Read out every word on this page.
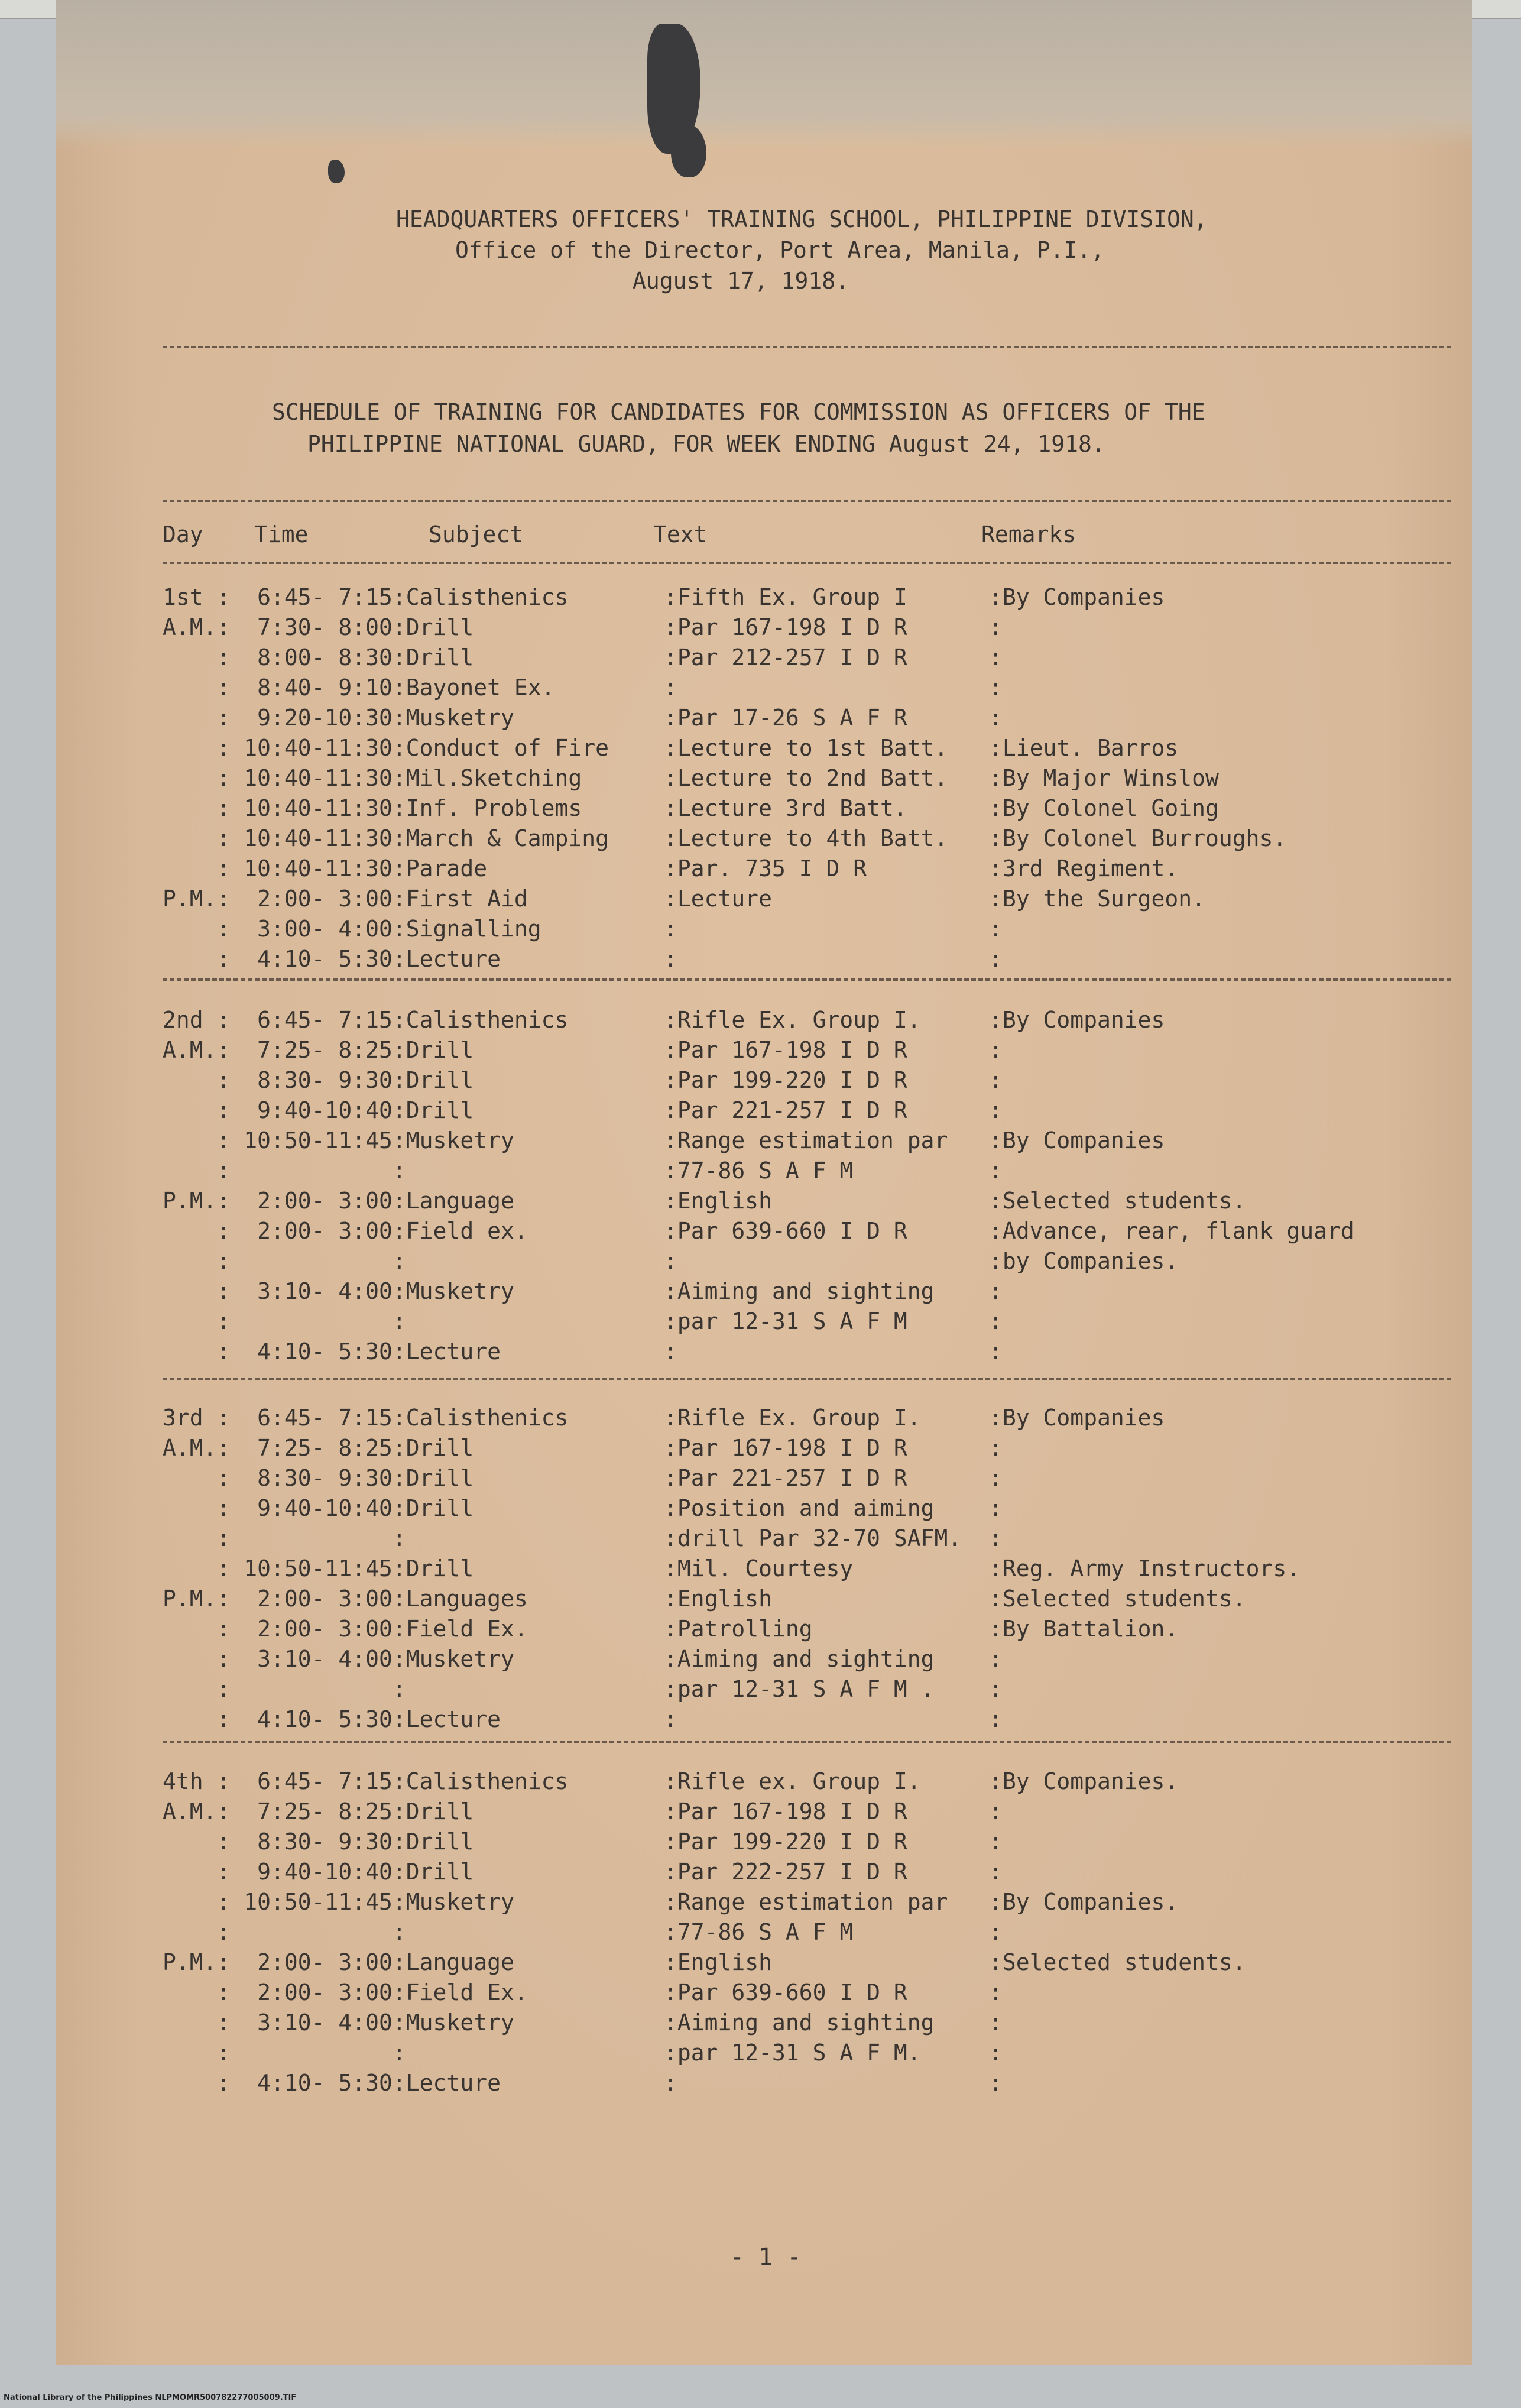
HEADQUARTERS OFFICERS' TRAINING SCHOOL, PHILIPPINE DIVISION,
Office of the Director, Port Area, Manila, P.I.,
August 17, 1918.
SCHEDULE OF TRAINING FOR CANDIDATES FOR COMMISSION AS OFFICERS OF THE
PHILIPPINE NATIONAL GUARD, FOR WEEK ENDING August 24, 1918.
Day Time	Subject	Text	Remarks
1st :  6:45- 7:15:Calisthenics :Fifth Ex. Group I	:By Companies
A.M.:  7:30- 8:00:Drill :Par 167-198 I D R	:
:  8:00- 8:30:Drill :Par 212-257 I D R	:
:  8:40- 9:10:Bayonet Ex. :	:
:  9:20-10:30:Musketry :Par 17-26 S A F R	:
: 10:40-11:30:Conduct of Fire :Lecture to 1st Batt. :Lieut. Barros
: 10:40-11:30:Mil.Sketching :Lecture to 2nd Batt. :By Major Winslow
: 10:40-11:30:Inf. Problems :Lecture 3rd Batt.	:By Colonel Going
: 10:40-11:30:March & Camping :Lecture to 4th Batt. :By Colonel Burroughs.
: 10:40-11:30:Parade :Par. 735 I D R	:3rd Regiment.
P.M.:  2:00- 3:00:First Aid :Lecture	:By the Surgeon.
:  3:00- 4:00:Signalling :	:
:  4:10- 5:30:Lecture :	:
2nd :  6:45- 7:15:Calisthenics :Rifle Ex. Group I.	:By Companies
A.M.:  7:25- 8:25:Drill :Par 167-198 I D R	:
:  8:30- 9:30:Drill :Par 199-220 I D R	:
:  9:40-10:40:Drill :Par 221-257 I D R	:
: 10:50-11:45:Musketry :Range estimation par :By Companies
:            : :77-86 S A F M	:
P.M.:  2:00- 3:00:Language :English	:Selected students.
:  2:00- 3:00:Field ex. :Par 639-660 I D R	:Advance, rear, flank guard
:            : :	:by Companies.
:  3:10- 4:00:Musketry :Aiming and sighting :
:            : :par 12-31 S A F M	:
:  4:10- 5:30:Lecture :	:
3rd :  6:45- 7:15:Calisthenics :Rifle Ex. Group I.	:By Companies
A.M.:  7:25- 8:25:Drill :Par 167-198 I D R	:
:  8:30- 9:30:Drill :Par 221-257 I D R	:
:  9:40-10:40:Drill :Position and aiming :
:            : :drill Par 32-70 SAFM. :
: 10:50-11:45:Drill :Mil. Courtesy	:Reg. Army Instructors.
P.M.:  2:00- 3:00:Languages :English	:Selected students.
:  2:00- 3:00:Field Ex. :Patrolling	:By Battalion.
:  3:10- 4:00:Musketry :Aiming and sighting :
:            : :par 12-31 S A F M . :
:  4:10- 5:30:Lecture :	:
4th :  6:45- 7:15:Calisthenics :Rifle ex. Group I.	:By Companies.
A.M.:  7:25- 8:25:Drill :Par 167-198 I D R	:
:  8:30- 9:30:Drill :Par 199-220 I D R	:
:  9:40-10:40:Drill :Par 222-257 I D R	:
: 10:50-11:45:Musketry :Range estimation par :By Companies.
:            : :77-86 S A F M	:
P.M.:  2:00- 3:00:Language :English	:Selected students.
:  2:00- 3:00:Field Ex. :Par 639-660 I D R	:
:  3:10- 4:00:Musketry :Aiming and sighting :
:            : :par 12-31 S A F M.	:
:  4:10- 5:30:Lecture :	:
- 1 -
National Library of the Philippines NLPMOMR500782277005009.TIF
